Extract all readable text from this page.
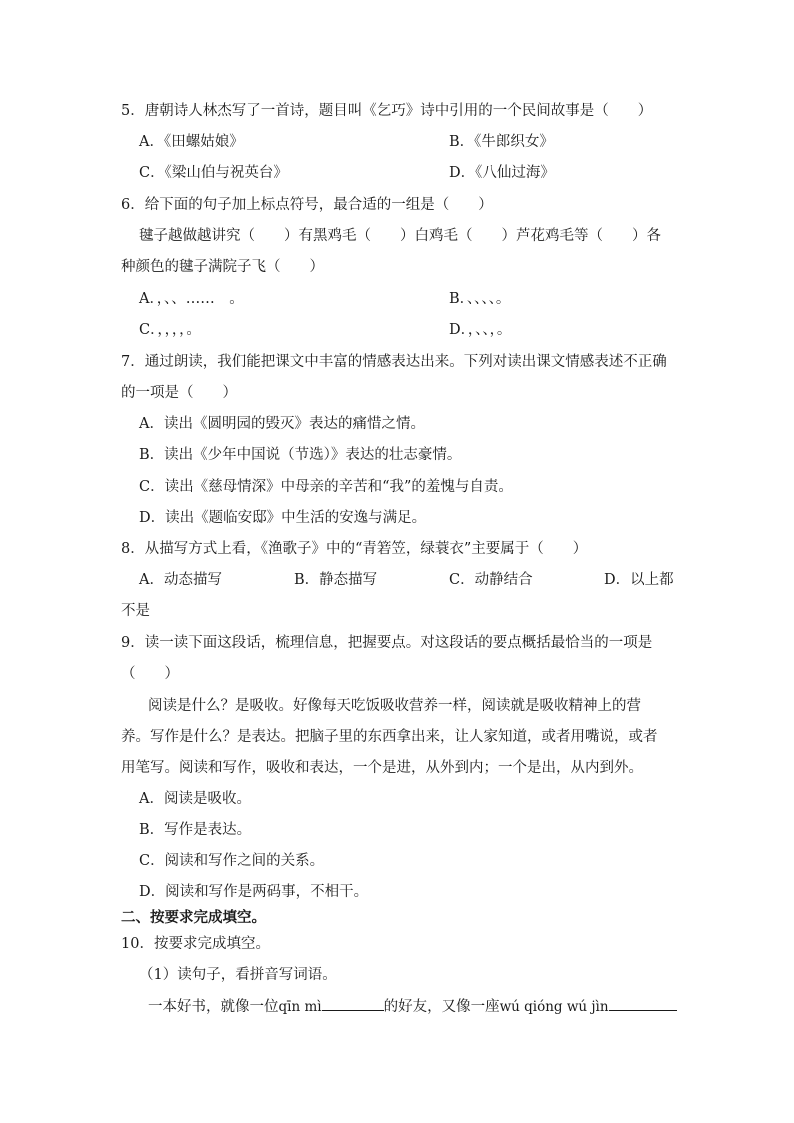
5．唐朝诗人林杰写了一首诗，题目叫《乞巧》诗中引用的一个民间故事是（　　）
A．《田螺姑娘》	B．《牛郎织女》
C．《梁山伯与祝英台》	D．《八仙过海》
6．给下面的句子加上标点符号，最合适的一组是（　　）
毽子越做越讲究（　　）有黑鸡毛（　　）白鸡毛（　　）芦花鸡毛等（　　）各
种颜色的毽子满院子飞（　　）
A．，、、……　。	B．、、、、。
C．，，，，。	D．，、、，。
7．通过朗读，我们能把课文中丰富的情感表达出来。下列对读出课文情感表述不正确
的一项是（　　）
A．读出《圆明园的毁灭》表达的痛惜之情。
B．读出《少年中国说（节选）》表达的壮志豪情。
C．读出《慈母情深》中母亲的辛苦和“我”的羞愧与自责。
D．读出《题临安邸》中生活的安逸与满足。
8．从描写方式上看，《渔歌子》中的“青箬笠，绿蓑衣”主要属于（　　）
A．动态描写	B．静态描写	C．动静结合	D．以上都
不是
9．读一读下面这段话，梳理信息，把握要点。对这段话的要点概括最恰当的一项是
（　　）
阅读是什么？是吸收。好像每天吃饭吸收营养一样，阅读就是吸收精神上的营
养。写作是什么？是表达。把脑子里的东西拿出来，让人家知道，或者用嘴说，或者
用笔写。阅读和写作，吸收和表达，一个是进，从外到内；一个是出，从内到外。
A．阅读是吸收。
B．写作是表达。
C．阅读和写作之间的关系。
D．阅读和写作是两码事，不相干。
二、按要求完成填空。
10．按要求完成填空。
（1）读句子，看拼音写词语。
一本好书，就像一位qīn mì	的好友，又像一座wú qióng wú jìn
